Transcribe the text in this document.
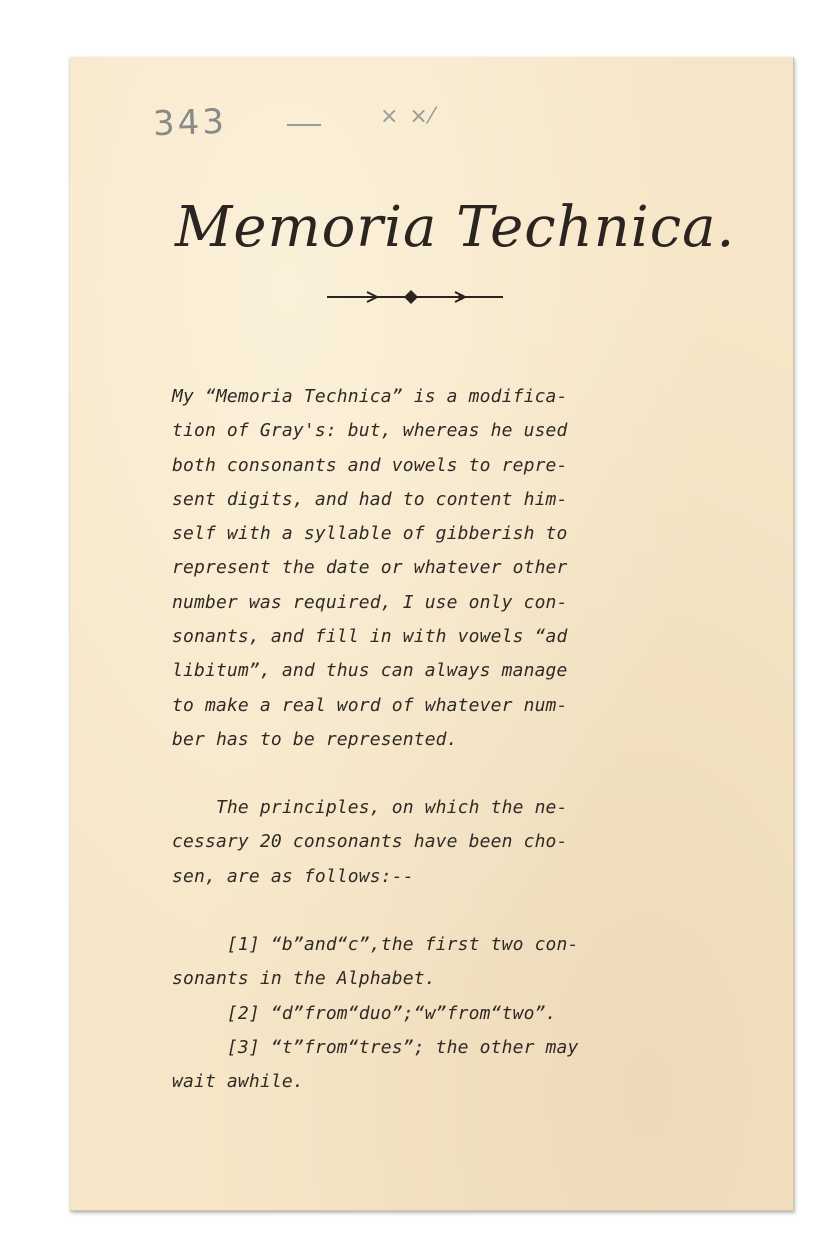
343	× ×⁄
Memoria Technica.
My “Memoria Technica” is a modifica-
tion of Gray's: but, whereas he used
both consonants and vowels to repre-
sent digits, and had to content him-
self with a syllable of gibberish to
represent the date or whatever other
number was required, I use only con-
sonants, and fill in with vowels “ad
libitum”, and thus can always manage
to make a real word of whatever num-
ber has to be represented.
The principles, on which the ne-
cessary 20 consonants have been cho-
sen, are as follows:--
[1] “b”and“c”,the first two con-
sonants in the Alphabet.
[2] “d”from“duo”;“w”from“two”.
[3] “t”from“tres”; the other may
wait awhile.
